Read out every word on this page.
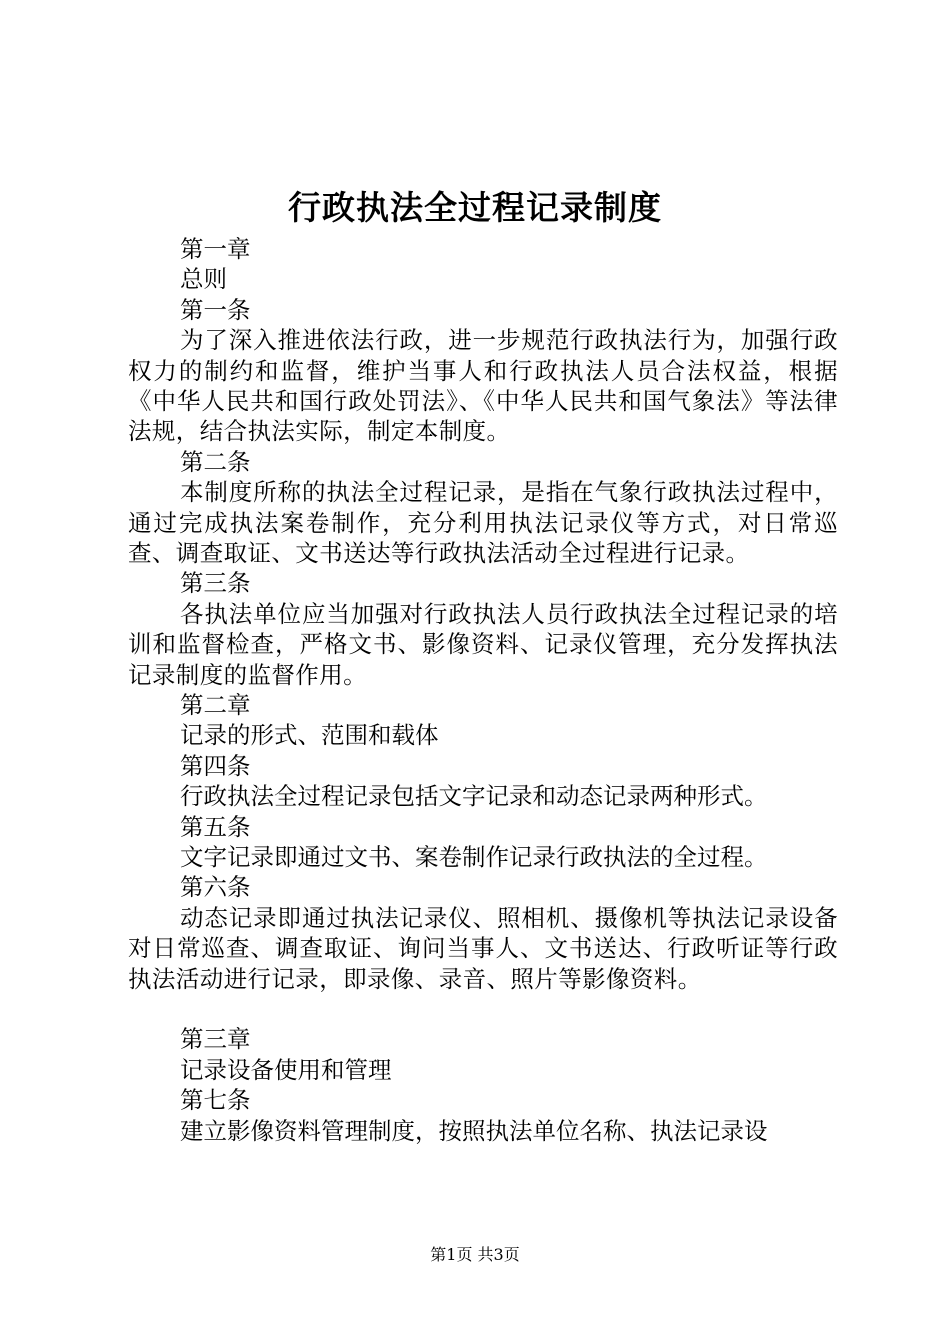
行政执法全过程记录制度
第一章
总则
第一条
为了深入推进依法行政，进一步规范行政执法行为，加强行政权力的制约和监督，维护当事人和行政执法人员合法权益，根据《中华人民共和国行政处罚法》、《中华人民共和国气象法》等法律法规，结合执法实际，制定本制度。
第二条
本制度所称的执法全过程记录，是指在气象行政执法过程中，通过完成执法案卷制作，充分利用执法记录仪等方式，对日常巡查、调查取证、文书送达等行政执法活动全过程进行记录。
第三条
各执法单位应当加强对行政执法人员行政执法全过程记录的培训和监督检查，严格文书、影像资料、记录仪管理，充分发挥执法记录制度的监督作用。
第二章
记录的形式、范围和载体
第四条
行政执法全过程记录包括文字记录和动态记录两种形式。
第五条
文字记录即通过文书、案卷制作记录行政执法的全过程。
第六条
动态记录即通过执法记录仪、照相机、摄像机等执法记录设备对日常巡查、调查取证、询问当事人、文书送达、行政听证等行政执法活动进行记录，即录像、录音、照片等影像资料。
第三章
记录设备使用和管理
第七条
建立影像资料管理制度，按照执法单位名称、执法记录设
第1页 共3页
